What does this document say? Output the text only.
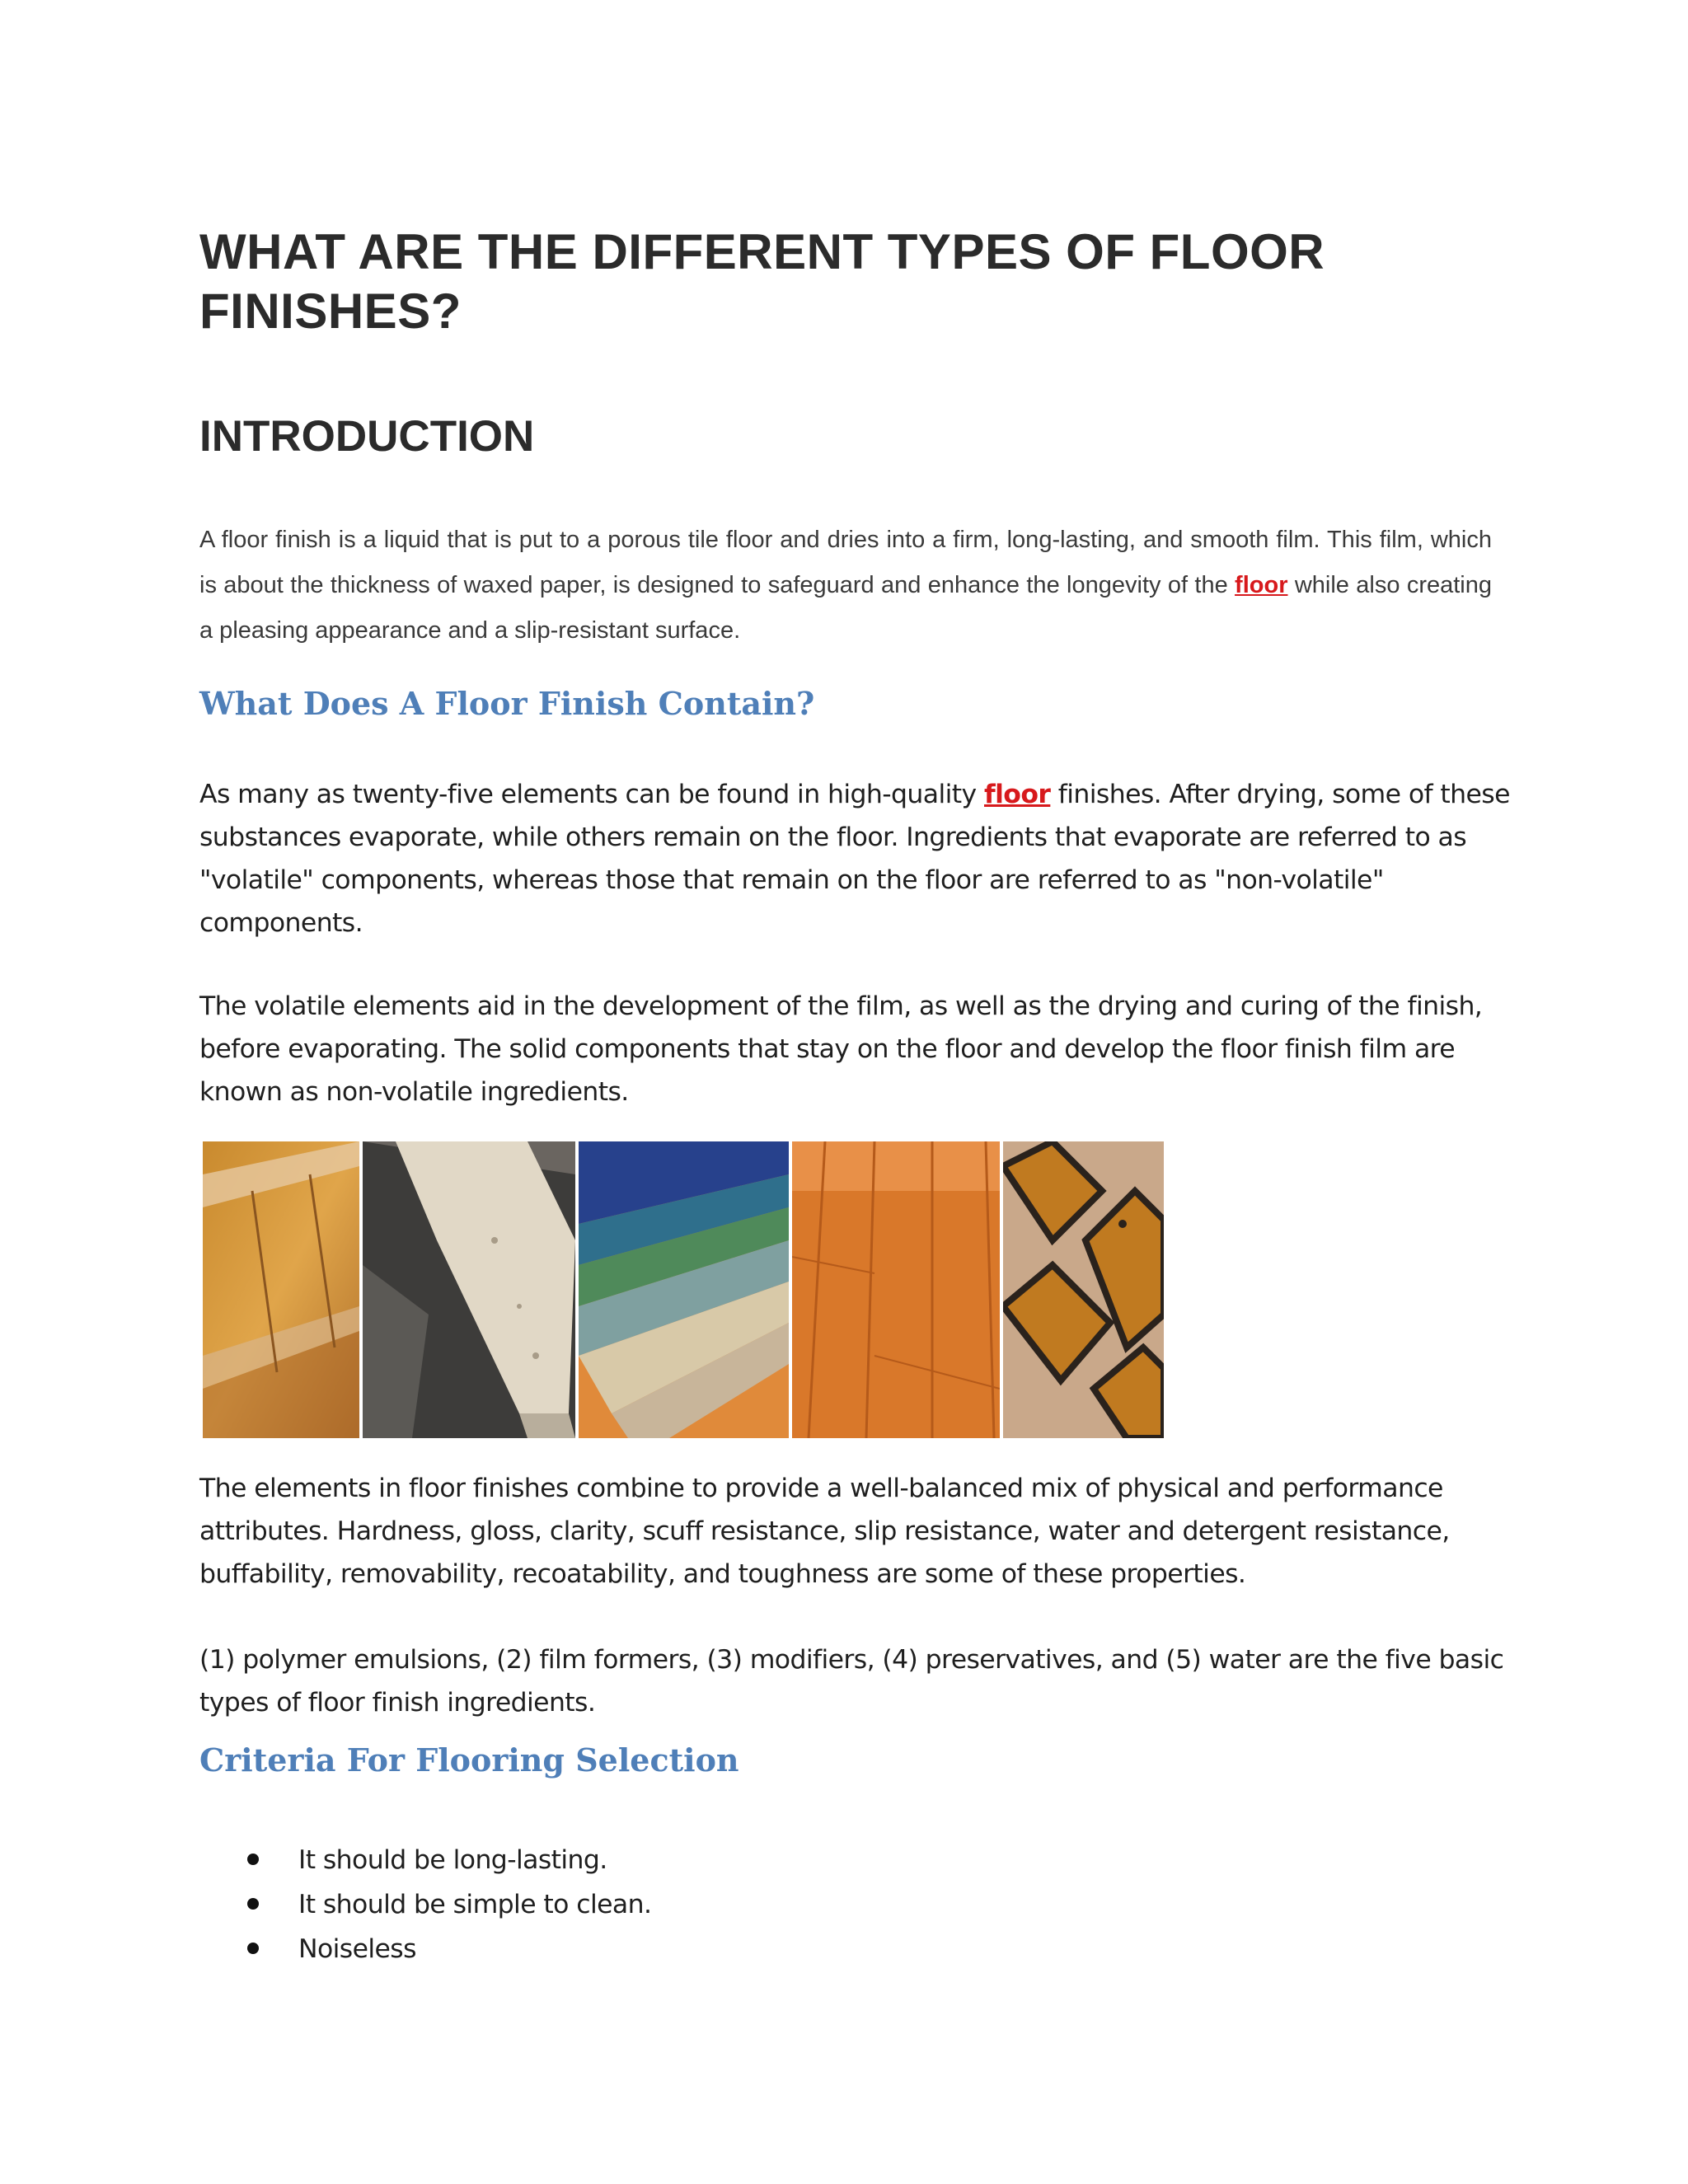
WHAT ARE THE DIFFERENT TYPES OF FLOOR FINISHES?
INTRODUCTION

A floor finish is a liquid that is put to a porous tile floor and dries into a firm, long-lasting, and smooth film. This film, which is about the thickness of waxed paper, is designed to safeguard and enhance the longevity of the floor while also creating a pleasing appearance and a slip-resistant surface.

What Does A Floor Finish Contain?

As many as twenty-five elements can be found in high-quality floor finishes. After drying, some of these substances evaporate, while others remain on the floor. Ingredients that evaporate are referred to as "volatile" components, whereas those that remain on the floor are referred to as "non-volatile" components.

The volatile elements aid in the development of the film, as well as the drying and curing of the finish, before evaporating. The solid components that stay on the floor and develop the floor finish film are known as non-volatile ingredients.

The elements in floor finishes combine to provide a well-balanced mix of physical and performance attributes. Hardness, gloss, clarity, scuff resistance, slip resistance, water and detergent resistance, buffability, removability, recoatability, and toughness are some of these properties.

(1) polymer emulsions, (2) film formers, (3) modifiers, (4) preservatives, and (5) water are the five basic types of floor finish ingredients.

Criteria For Flooring Selection
It should be long-lasting.
It should be simple to clean.
Noiseless
